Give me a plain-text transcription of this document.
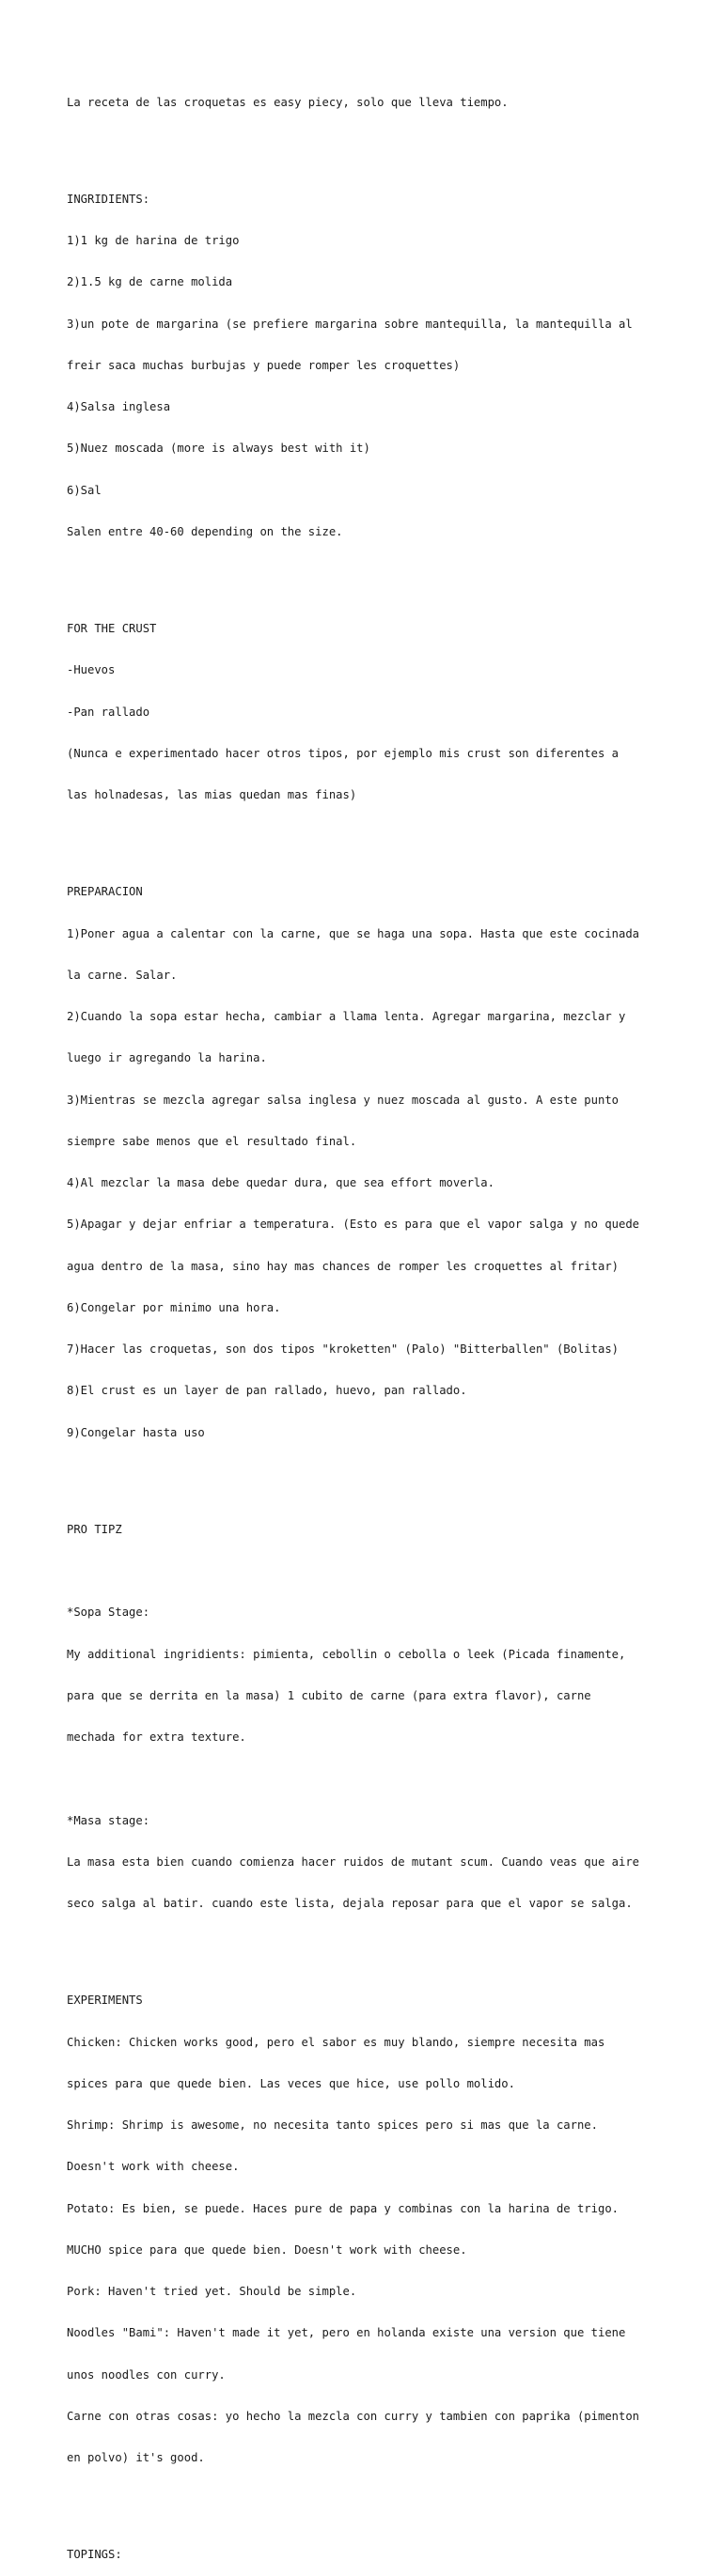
La receta de las croquetas es easy piecy, solo que lleva tiempo.

INGRIDIENTS:

1)1 kg de harina de trigo

2)1.5 kg de carne molida

3)un pote de margarina (se prefiere margarina sobre mantequilla, la mantequilla al

freir saca muchas burbujas y puede romper les croquettes)

4)Salsa inglesa

5)Nuez moscada (more is always best with it)

6)Sal

Salen entre 40-60 depending on the size.

FOR THE CRUST

-Huevos

-Pan rallado

(Nunca e experimentado hacer otros tipos, por ejemplo mis crust son diferentes a

las holnadesas, las mias quedan mas finas)

PREPARACION

1)Poner agua a calentar con la carne, que se haga una sopa. Hasta que este cocinada

la carne. Salar.

2)Cuando la sopa estar hecha, cambiar a llama lenta. Agregar margarina, mezclar y

luego ir agregando la harina.

3)Mientras se mezcla agregar salsa inglesa y nuez moscada al gusto. A este punto

siempre sabe menos que el resultado final.

4)Al mezclar la masa debe quedar dura, que sea effort moverla.

5)Apagar y dejar enfriar a temperatura. (Esto es para que el vapor salga y no quede

agua dentro de la masa, sino hay mas chances de romper les croquettes al fritar)

6)Congelar por minimo una hora.

7)Hacer las croquetas, son dos tipos "kroketten" (Palo) "Bitterballen" (Bolitas)

8)El crust es un layer de pan rallado, huevo, pan rallado.

9)Congelar hasta uso

PRO TIPZ

*Sopa Stage:

My additional ingridients: pimienta, cebollin o cebolla o leek (Picada finamente,

para que se derrita en la masa) 1 cubito de carne (para extra flavor), carne

mechada for extra texture.

*Masa stage:

La masa esta bien cuando comienza hacer ruidos de mutant scum. Cuando veas que aire

seco salga al batir. cuando este lista, dejala reposar para que el vapor se salga.

EXPERIMENTS

Chicken: Chicken works good, pero el sabor es muy blando, siempre necesita mas

spices para que quede bien. Las veces que hice, use pollo molido.

Shrimp: Shrimp is awesome, no necesita tanto spices pero si mas que la carne.

Doesn't work with cheese.

Potato: Es bien, se puede. Haces pure de papa y combinas con la harina de trigo.

MUCHO spice para que quede bien. Doesn't work with cheese.

Pork: Haven't tried yet. Should be simple.

Noodles "Bami": Haven't made it yet, pero en holanda existe una version que tiene

unos noodles con curry.

Carne con otras cosas: yo hecho la mezcla con curry y tambien con paprika (pimenton

en polvo) it's good.

TOPINGS:
